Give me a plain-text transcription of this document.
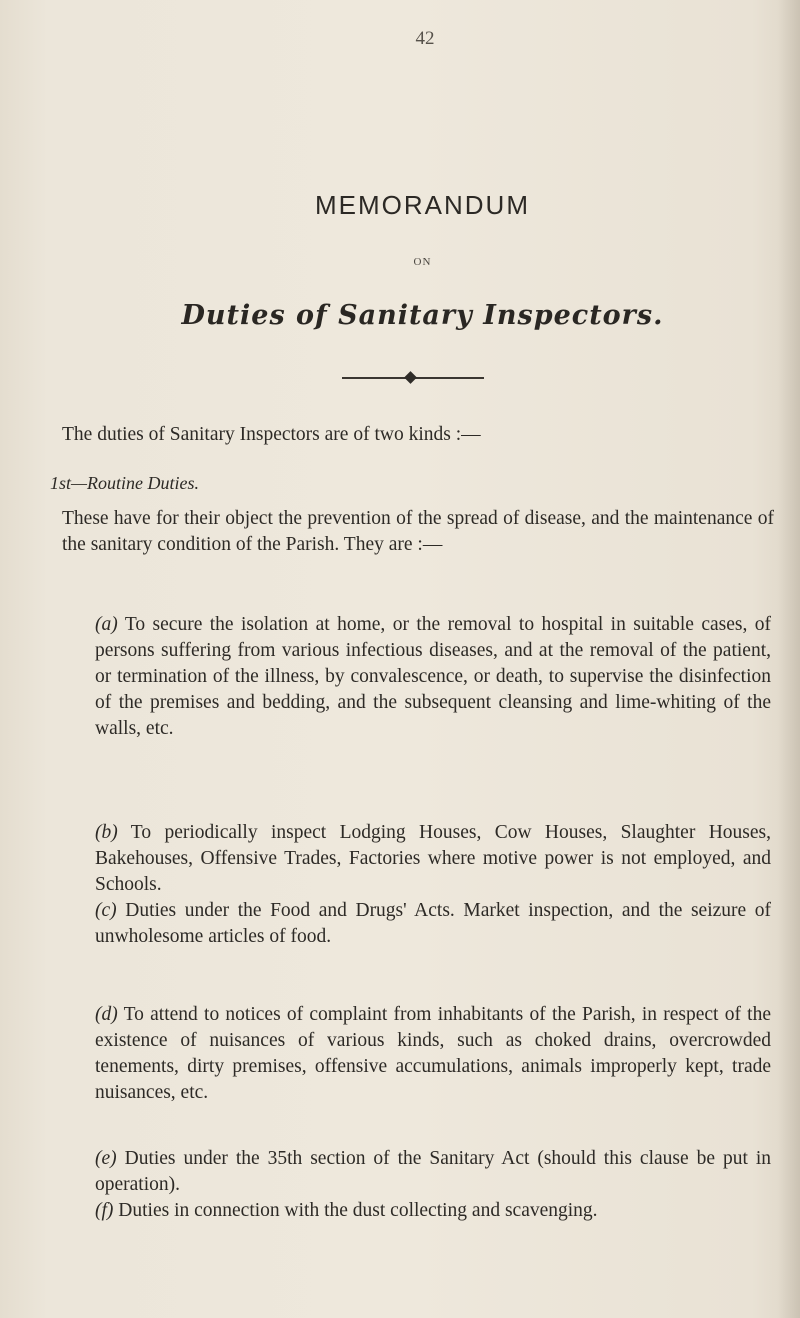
42
MEMORANDUM
ON
Duties of Sanitary Inspectors.
The duties of Sanitary Inspectors are of two kinds :—
1st—Routine Duties.
These have for their object the prevention of the spread of disease, and the maintenance of the sanitary condition of the Parish. They are :—
(a) To secure the isolation at home, or the removal to hospital in suitable cases, of persons suffering from various infectious diseases, and at the removal of the patient, or termination of the illness, by convalescence, or death, to supervise the disinfection of the premises and bedding, and the subsequent cleansing and lime-whiting of the walls, etc.
(b) To periodically inspect Lodging Houses, Cow Houses, Slaughter Houses, Bakehouses, Offensive Trades, Factories where motive power is not employed, and Schools.
(c) Duties under the Food and Drugs' Acts. Market inspection, and the seizure of unwholesome articles of food.
(d) To attend to notices of complaint from inhabitants of the Parish, in respect of the existence of nuisances of various kinds, such as choked drains, overcrowded tenements, dirty premises, offensive accumulations, animals improperly kept, trade nuisances, etc.
(e) Duties under the 35th section of the Sanitary Act (should this clause be put in operation).
(f) Duties in connection with the dust collecting and scavenging.
